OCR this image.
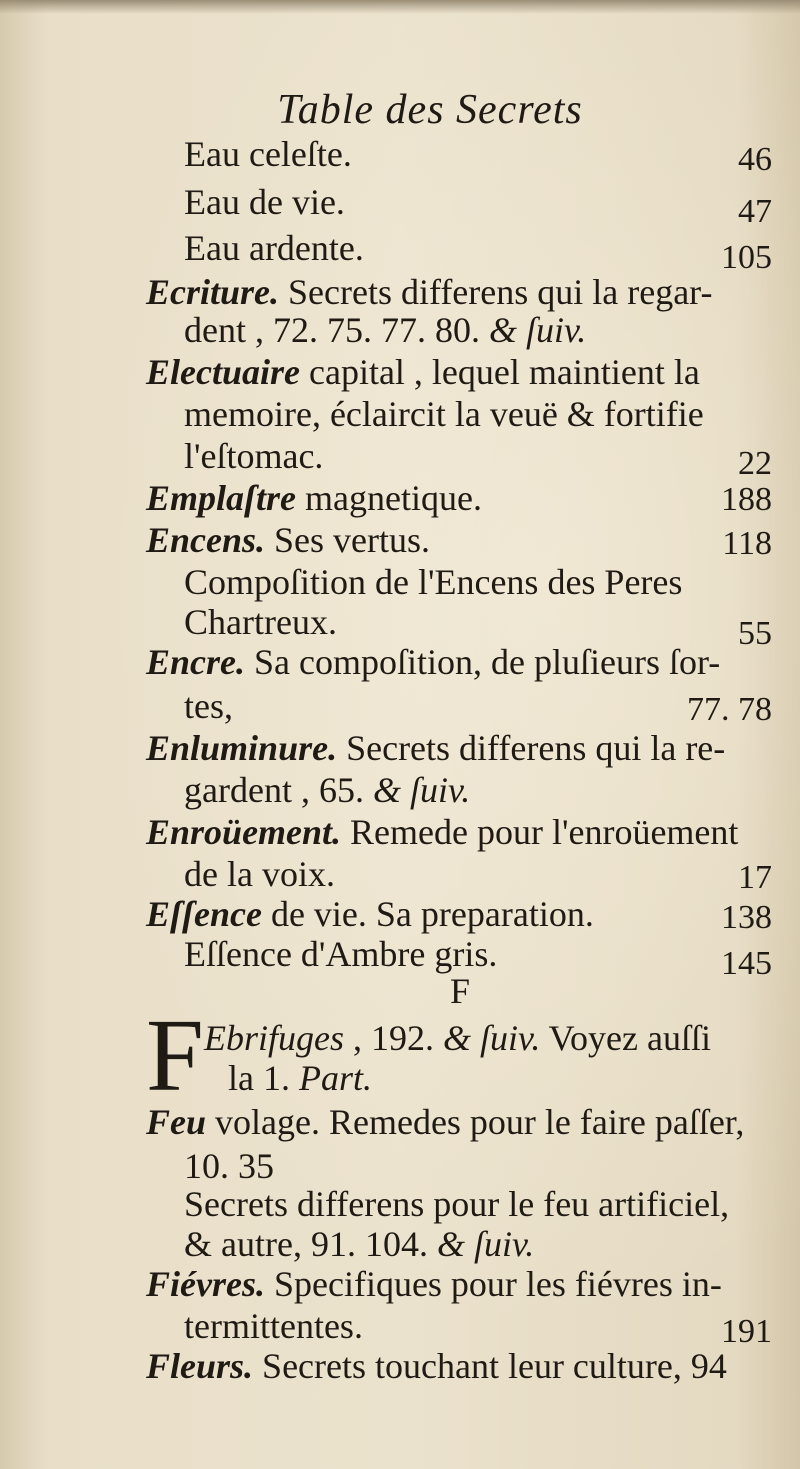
Table des Secrets
Eau celeſte.	46
Eau de vie.	47
Eau ardente.	105
Ecriture. Secrets differens qui la regar-
dent , 72. 75. 77. 80. & ſuiv.
Electuaire capital , lequel maintient la
memoire, éclaircit la veuë & fortifie
l'eſtomac.	22
Emplaſtre magnetique.	188
Encens. Ses vertus.	118
Compoſition de l'Encens des Peres
Chartreux.	55
Encre. Sa compoſition, de pluſieurs ſor-
tes,	77. 78
Enluminure. Secrets differens qui la re-
gardent , 65. & ſuiv.
Enroüement. Remede pour l'enroüement
de la voix.	17
Eſſence de vie. Sa preparation.	138
Eſſence d'Ambre gris.	145
F
F Ebrifuges , 192. & ſuiv. Voyez auſſi
la 1. Part.
Feu volage. Remedes pour le faire paſſer,
10. 35
Secrets differens pour le feu artificiel,
& autre, 91. 104. & ſuiv.
Fiévres. Specifiques pour les fiévres in-
termittentes.	191
Fleurs. Secrets touchant leur culture, 94
